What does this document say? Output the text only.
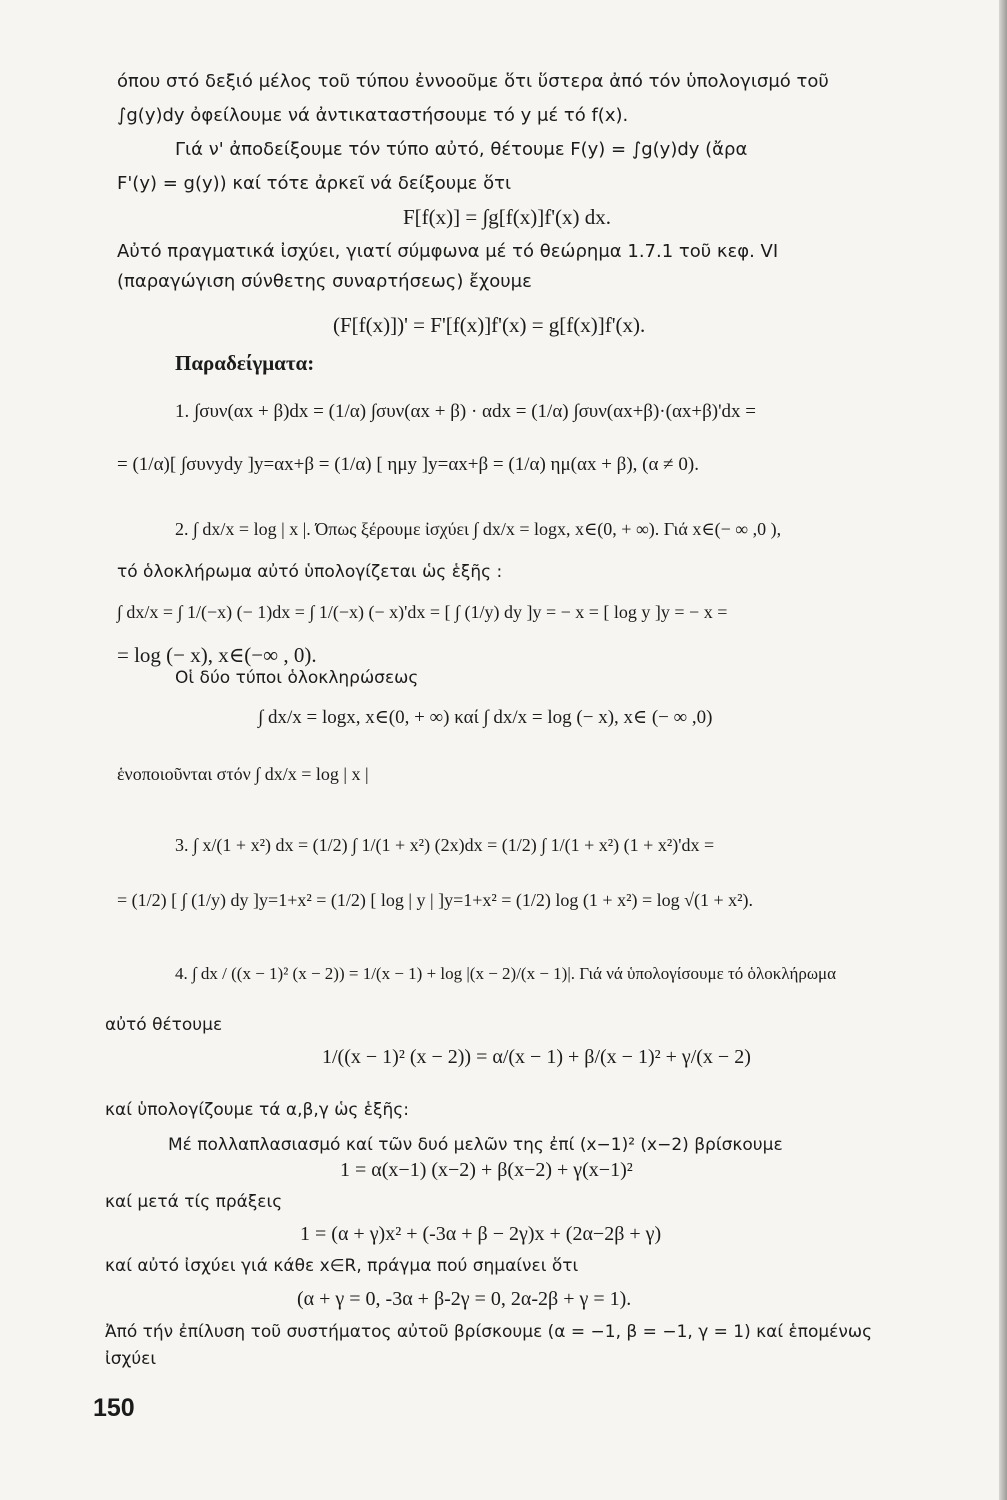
όπου στό δεξιό μέλος τοῦ τύπου ἐννοοῦμε ὅτι ὕστερα ἀπό τόν ὑπολογισμό τοῦ
∫g(y)dy ὀφείλουμε νά ἀντικαταστήσουμε τό y μέ τό f(x).
Γιά ν' ἀποδείξουμε τόν τύπο αὐτό, θέτουμε F(y) = ∫g(y)dy (ἄρα
F'(y) = g(y)) καί τότε ἀρκεῖ νά δείξουμε ὅτι
F[f(x)] = ∫g[f(x)]f'(x) dx.
Αὐτό πραγματικά ἰσχύει, γιατί σύμφωνα μέ τό θεώρημα 1.7.1 τοῦ κεφ. VI
(παραγώγιση σύνθετης συναρτήσεως) ἔχουμε
(F[f(x)])' = F'[f(x)]f'(x) = g[f(x)]f'(x).
Παραδείγματα:
1. ∫συν(αx + β)dx = (1/α) ∫συν(αx + β) · αdx = (1/α) ∫συν(αx+β)·(αx+β)'dx =
= (1/α)[ ∫συνydy ]y=αx+β = (1/α) [ ημy ]y=αx+β = (1/α) ημ(αx + β), (α ≠ 0).
2. ∫ dx/x = log | x |. Όπως ξέρουμε ἰσχύει ∫ dx/x = logx, x∈(0, + ∞). Γιά x∈(− ∞ ,0 ),
τό ὁλοκλήρωμα αὐτό ὑπολογίζεται ὡς ἑξῆς :
∫ dx/x = ∫ 1/(−x) (− 1)dx = ∫ 1/(−x) (− x)'dx = [ ∫ (1/y) dy ]y = − x = [ log y ]y = − x =
= log (− x), x∈(−∞ , 0).
Οἱ δύο τύποι ὁλοκληρώσεως
∫ dx/x = logx, x∈(0, + ∞) καί ∫ dx/x = log (− x), x∈ (− ∞ ,0)
ἑνοποιοῦνται στόν ∫ dx/x = log | x |
3. ∫ x/(1 + x²) dx = (1/2) ∫ 1/(1 + x²) (2x)dx = (1/2) ∫ 1/(1 + x²) (1 + x²)'dx =
= (1/2) [ ∫ (1/y) dy ]y=1+x² = (1/2) [ log | y | ]y=1+x² = (1/2) log (1 + x²) = log √(1 + x²).
4. ∫ dx / ((x − 1)² (x − 2)) = 1/(x − 1) + log |(x − 2)/(x − 1)|. Γιά νά ὑπολογίσουμε τό ὁλοκλήρωμα
αὐτό θέτουμε
1/((x − 1)² (x − 2)) = α/(x − 1) + β/(x − 1)² + γ/(x − 2)
καί ὑπολογίζουμε τά α,β,γ ὡς ἑξῆς:
Μέ πολλαπλασιασμό καί τῶν δυό μελῶν της ἐπί (x−1)² (x−2) βρίσκουμε
1 = α(x−1) (x−2) + β(x−2) + γ(x−1)²
καί μετά τίς πράξεις
1 = (α + γ)x² + (-3α + β − 2γ)x + (2α−2β + γ)
καί αὐτό ἰσχύει γιά κάθε x∈R, πράγμα πού σημαίνει ὅτι
(α + γ = 0, -3α + β-2γ = 0, 2α-2β + γ = 1).
Ἀπό τήν ἐπίλυση τοῦ συστήματος αὐτοῦ βρίσκουμε (α = −1, β = −1, γ = 1) καί ἑπομένως
ἰσχύει
150
